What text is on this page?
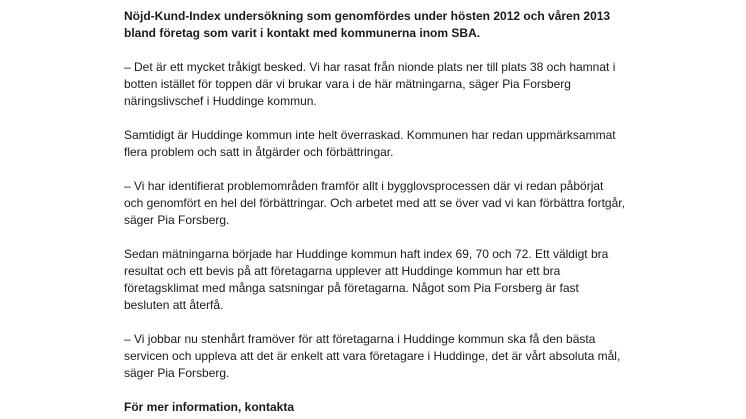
Nöjd-Kund-Index undersökning som genomfördes under hösten 2012 och våren 2013 bland företag som varit i kontakt med kommunerna inom SBA.

– Det är ett mycket tråkigt besked. Vi har rasat från nionde plats ner till plats 38 och hamnat i botten istället för toppen där vi brukar vara i de här mätningarna, säger Pia Forsberg näringslivschef i Huddinge kommun.

Samtidigt är Huddinge kommun inte helt överraskad. Kommunen har redan uppmärksammat flera problem och satt in åtgärder och förbättringar.

– Vi har identifierat problemområden framför allt i bygglovsprocessen där vi redan påbörjat och genomfört en hel del förbättringar. Och arbetet med att se över vad vi kan förbättra fortgår, säger Pia Forsberg.

Sedan mätningarna började har Huddinge kommun haft index 69, 70 och 72. Ett väldigt bra resultat och ett bevis på att företagarna upplever att Huddinge kommun har ett bra företagsklimat med många satsningar på företagarna. Något som Pia Forsberg är fast besluten att återfå.

– Vi jobbar nu stenhårt framöver för att företagarna i Huddinge kommun ska få den bästa servicen och uppleva att det är enkelt att vara företagare i Huddinge, det är vårt absoluta mål, säger Pia Forsberg.

För mer information, kontakta
